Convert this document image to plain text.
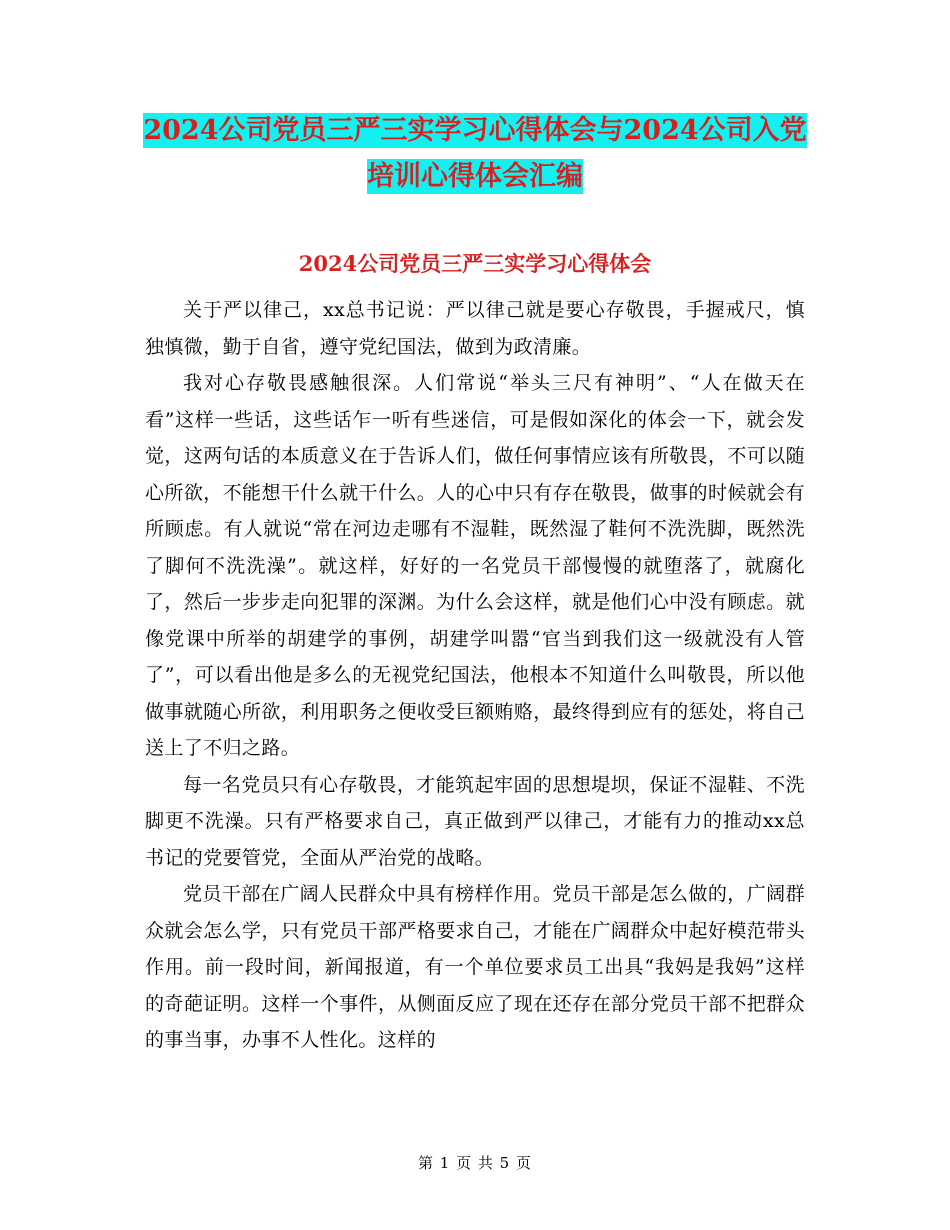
2024公司党员三严三实学习心得体会与2024公司入党
培训心得体会汇编
2024公司党员三严三实学习心得体会

关于严以律己，xx总书记说：严以律己就是要心存敬畏，手握戒尺，慎独慎微，勤于自省，遵守党纪国法，做到为政清廉。

我对心存敬畏感触很深。人们常说“举头三尺有神明”、“人在做天在看”这样一些话，这些话乍一听有些迷信，可是假如深化的体会一下，就会发觉，这两句话的本质意义在于告诉人们，做任何事情应该有所敬畏，不可以随心所欲，不能想干什么就干什么。人的心中只有存在敬畏，做事的时候就会有所顾虑。有人就说“常在河边走哪有不湿鞋，既然湿了鞋何不洗洗脚，既然洗了脚何不洗洗澡”。就这样，好好的一名党员干部慢慢的就堕落了，就腐化了，然后一步步走向犯罪的深渊。为什么会这样，就是他们心中没有顾虑。就像党课中所举的胡建学的事例，胡建学叫嚣“官当到我们这一级就没有人管了”，可以看出他是多么的无视党纪国法，他根本不知道什么叫敬畏，所以他做事就随心所欲，利用职务之便收受巨额贿赂，最终得到应有的惩处，将自己送上了不归之路。

每一名党员只有心存敬畏，才能筑起牢固的思想堤坝，保证不湿鞋、不洗脚更不洗澡。只有严格要求自己，真正做到严以律己，才能有力的推动xx总书记的党要管党，全面从严治党的战略。

党员干部在广阔人民群众中具有榜样作用。党员干部是怎么做的，广阔群众就会怎么学，只有党员干部严格要求自己，才能在广阔群众中起好模范带头作用。前一段时间，新闻报道，有一个单位要求员工出具“我妈是我妈”这样的奇葩证明。这样一个事件，从侧面反应了现在还存在部分党员干部不把群众的事当事，办事不人性化。这样的

第 1 页 共 5 页
